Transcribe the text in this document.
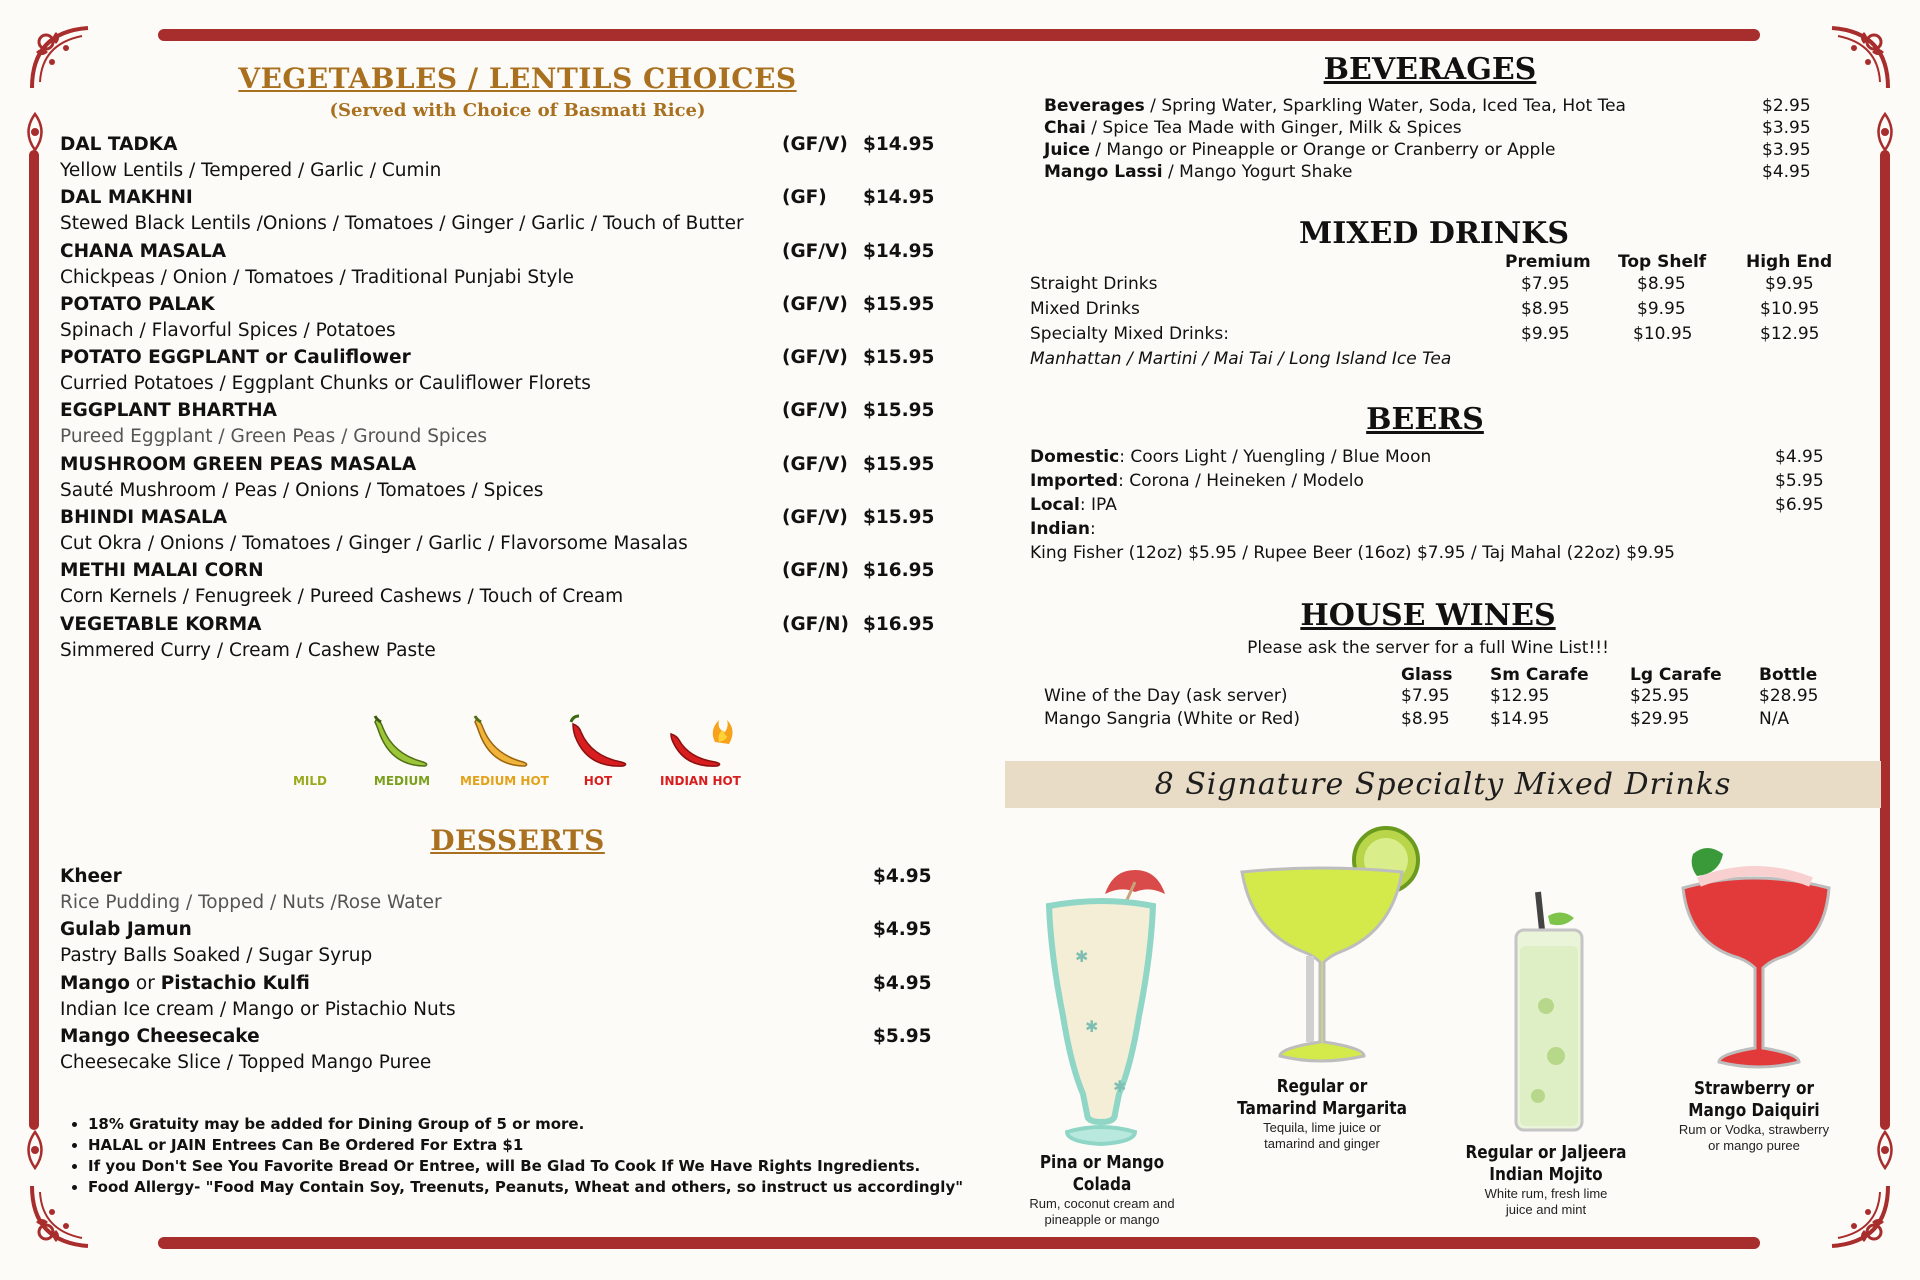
VEGETABLES / LENTILS CHOICES
(Served with Choice of Basmati Rice)
DAL TADKA	(GF/V) $14.95
Yellow Lentils / Tempered / Garlic / Cumin
DAL MAKHNI	(GF) $14.95
Stewed Black Lentils /Onions / Tomatoes / Ginger / Garlic / Touch of Butter
CHANA MASALA	(GF/V) $14.95
Chickpeas / Onion / Tomatoes / Traditional Punjabi Style
POTATO PALAK	(GF/V) $15.95
Spinach / Flavorful Spices / Potatoes
POTATO EGGPLANT or Cauliflower	(GF/V) $15.95
Curried Potatoes / Eggplant Chunks or Cauliflower Florets
EGGPLANT BHARTHA	(GF/V) $15.95
Pureed Eggplant / Green Peas / Ground Spices
MUSHROOM GREEN PEAS MASALA	(GF/V) $15.95
Sauté Mushroom / Peas / Onions / Tomatoes / Spices
BHINDI MASALA	(GF/V) $15.95
Cut Okra / Onions / Tomatoes / Ginger / Garlic / Flavorsome Masalas
METHI MALAI CORN	(GF/N) $16.95
Corn Kernels / Fenugreek / Pureed Cashews / Touch of Cream
VEGETABLE KORMA	(GF/N) $16.95
Simmered Curry / Cream / Cashew Paste
MILD	MEDIUM	MEDIUM HOT	HOT	INDIAN HOT
DESSERTS
Kheer	$4.95
Rice Pudding / Topped / Nuts /Rose Water
Gulab Jamun	$4.95
Pastry Balls Soaked / Sugar Syrup
Mango or Pistachio Kulfi	$4.95
Indian Ice cream / Mango or Pistachio Nuts
Mango Cheesecake	$5.95
Cheesecake Slice / Topped Mango Puree
• 18% Gratuity may be added for Dining Group of 5 or more.
• HALAL or JAIN Entrees Can Be Ordered For Extra $1
• If you Don't See You Favorite Bread Or Entree, will Be Glad To Cook If We Have Rights Ingredients.
• Food Allergy- "Food May Contain Soy, Treenuts, Peanuts, Wheat and others, so instruct us accordingly"
BEVERAGES
Beverages / Spring Water, Sparkling Water, Soda, Iced Tea, Hot Tea	$2.95
Chai / Spice Tea Made with Ginger, Milk & Spices	$3.95
Juice / Mango or Pineapple or Orange or Cranberry or Apple	$3.95
Mango Lassi / Mango Yogurt Shake	$4.95
MIXED DRINKS
Premium Top Shelf High End
Straight Drinks	$7.95	$8.95	$9.95
Mixed Drinks	$8.95	$9.95	$10.95
Specialty Mixed Drinks:	$9.95	$10.95	$12.95
Manhattan / Martini / Mai Tai / Long Island Ice Tea
BEERS
Domestic: Coors Light / Yuengling / Blue Moon	$4.95
Imported: Corona / Heineken / Modelo	$5.95
Local: IPA	$6.95
Indian:
King Fisher (12oz) $5.95 / Rupee Beer (16oz) $7.95 / Taj Mahal (22oz) $9.95
HOUSE WINES
Please ask the server for a full Wine List!!!
Glass Sm Carafe Lg Carafe Bottle
Wine of the Day (ask server)	$7.95 $12.95	$25.95	$28.95
Mango Sangria (White or Red)	$8.95 $14.95	$29.95	N/A
8 Signature Specialty Mixed Drinks
✱
✱
✱
Pina or Mango Colada
Rum, coconut cream and
pineapple or mango
Regular or
Tamarind Margarita
Tequila, lime juice or
tamarind and ginger	Regular or Jaljeera
Indian Mojito
White rum, fresh lime
juice and mint
Strawberry or
Mango Daiquiri
Rum or Vodka, strawberry
or mango puree
